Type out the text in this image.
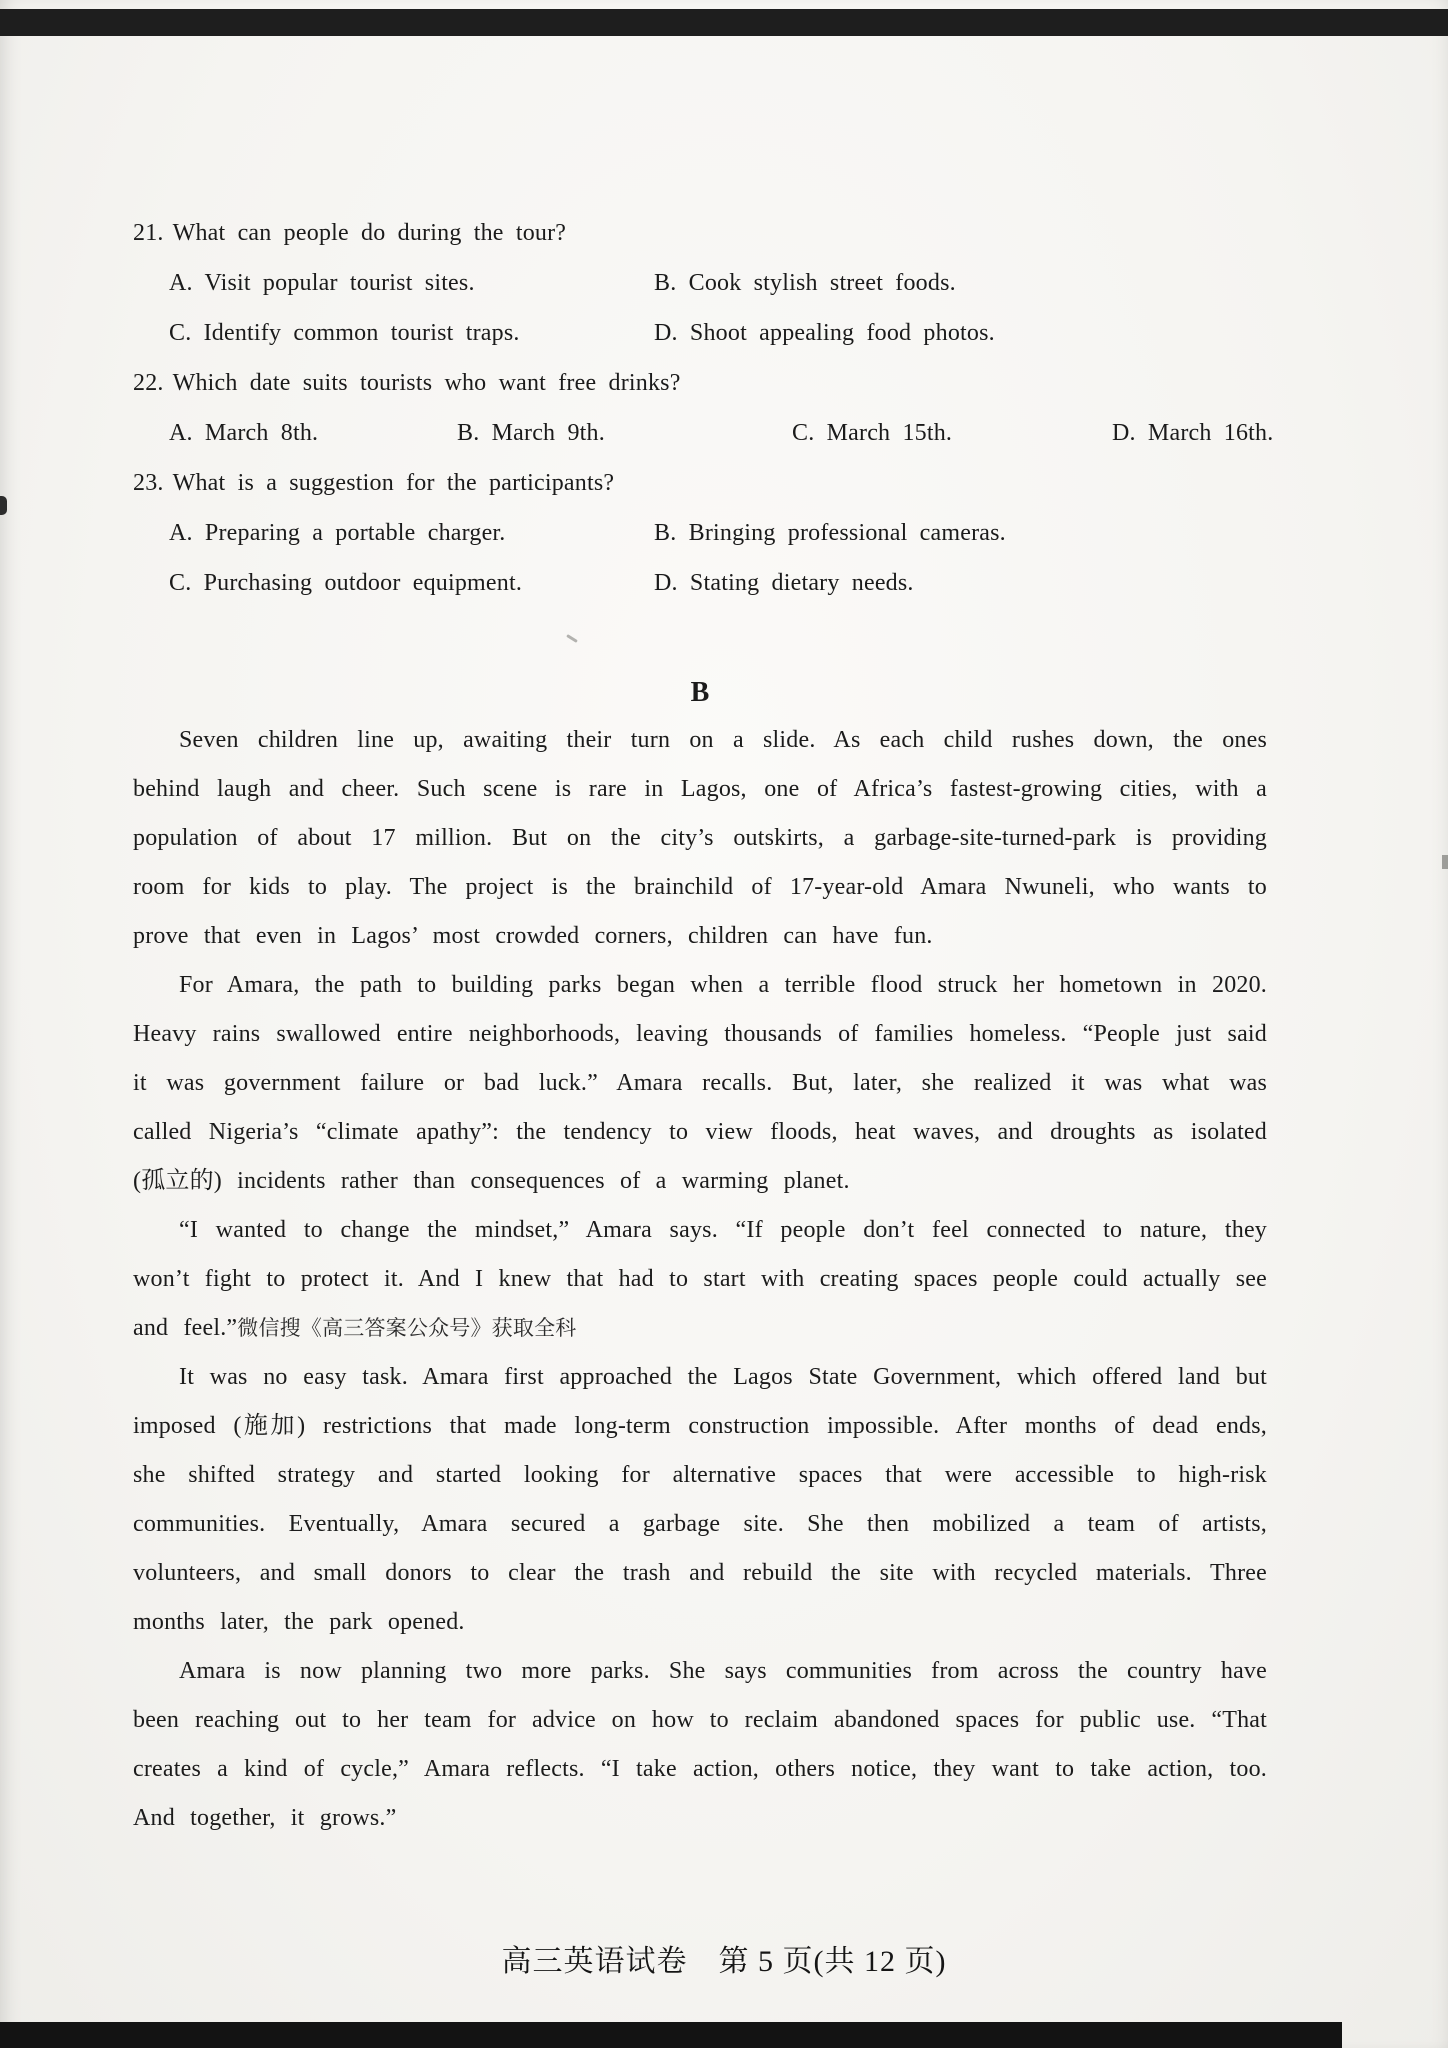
21. What can people do during the tour?
A. Visit popular tourist sites.	B. Cook stylish street foods.
C. Identify common tourist traps.	D. Shoot appealing food photos.
22. Which date suits tourists who want free drinks?
A. March 8th.	B. March 9th.	C. March 15th.	D. March 16th.
23. What is a suggestion for the participants?
A. Preparing a portable charger.	B. Bringing professional cameras.
C. Purchasing outdoor equipment.	D. Stating dietary needs.
B

Seven children line up, awaiting their turn on a slide. As each child rushes down, the ones behind laugh and cheer. Such scene is rare in Lagos, one of Africa’s fastest-growing cities, with a population of about 17 million. But on the city’s outskirts, a garbage-site-turned-park is providing room for kids to play. The project is the brainchild of 17-year-old Amara Nwuneli, who wants to prove that even in Lagos’ most crowded corners, children can have fun.

For Amara, the path to building parks began when a terrible flood struck her hometown in 2020. Heavy rains swallowed entire neighborhoods, leaving thousands of families homeless. “People just said it was government failure or bad luck.” Amara recalls. But, later, she realized it was what was called Nigeria’s “climate apathy”: the tendency to view floods, heat waves, and droughts as isolated (孤立的) incidents rather than consequences of a warming planet.

“I wanted to change the mindset,” Amara says. “If people don’t feel connected to nature, they won’t fight to protect it. And I knew that had to start with creating spaces people could actually see and feel.”微信搜《高三答案公众号》获取全科

It was no easy task. Amara first approached the Lagos State Government, which offered land but imposed (施加) restrictions that made long-term construction impossible. After months of dead ends, she shifted strategy and started looking for alternative spaces that were accessible to high-risk communities. Eventually, Amara secured a garbage site. She then mobilized a team of artists, volunteers, and small donors to clear the trash and rebuild the site with recycled materials. Three months later, the park opened.

Amara is now planning two more parks. She says communities from across the country have been reaching out to her team for advice on how to reclaim abandoned spaces for public use. “That creates a kind of cycle,” Amara reflects. “I take action, others notice, they want to take action, too. And together, it grows.”

高三英语试卷　第 5 页(共 12 页)
